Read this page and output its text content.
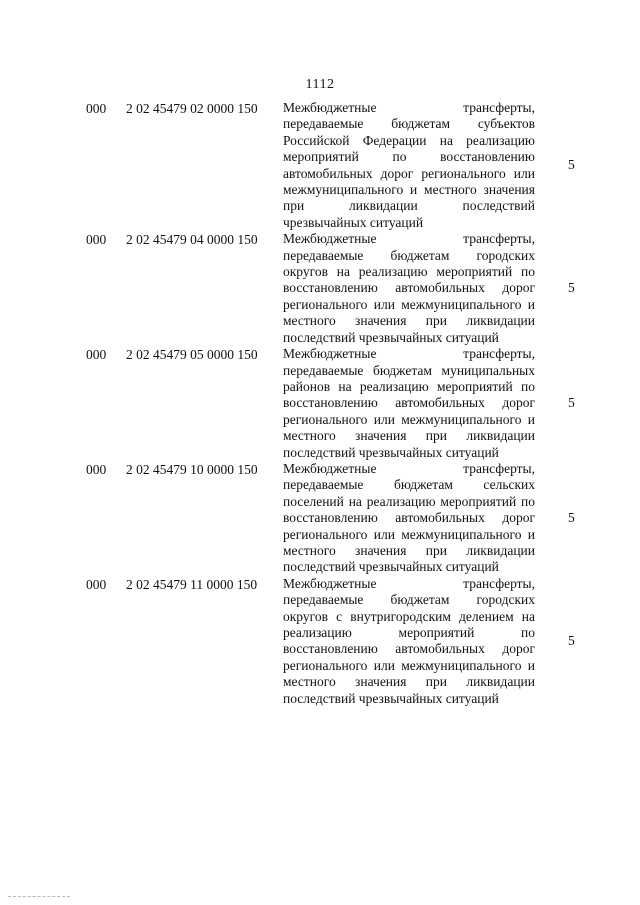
1112
000 2 02 45479 02 0000 150 Межбюджетные трансферты, передаваемые бюджетам субъектов Российской Федерации на реализацию мероприятий по восстановлению автомобильных дорог регионального или межмуниципального и местного значения при ликвидации последствий чрезвычайных ситуаций
5
000 2 02 45479 04 0000 150 Межбюджетные трансферты, передаваемые бюджетам городских округов на реализацию мероприятий по восстановлению автомобильных дорог регионального или межмуниципального и местного значения при ликвидации последствий чрезвычайных ситуаций
5
000 2 02 45479 05 0000 150 Межбюджетные трансферты, передаваемые бюджетам муниципальных районов на реализацию мероприятий по восстановлению автомобильных дорог регионального или межмуниципального и местного значения при ликвидации последствий чрезвычайных ситуаций
5
000 2 02 45479 10 0000 150 Межбюджетные трансферты, передаваемые бюджетам сельских поселений на реализацию мероприятий по восстановлению автомобильных дорог регионального или межмуниципального и местного значения при ликвидации последствий чрезвычайных ситуаций
5
000 2 02 45479 11 0000 150 Межбюджетные трансферты, передаваемые бюджетам городских округов с внутригородским делением на реализацию мероприятий по восстановлению автомобильных дорог регионального или межмуниципального и местного значения при ликвидации последствий чрезвычайных ситуаций
5
